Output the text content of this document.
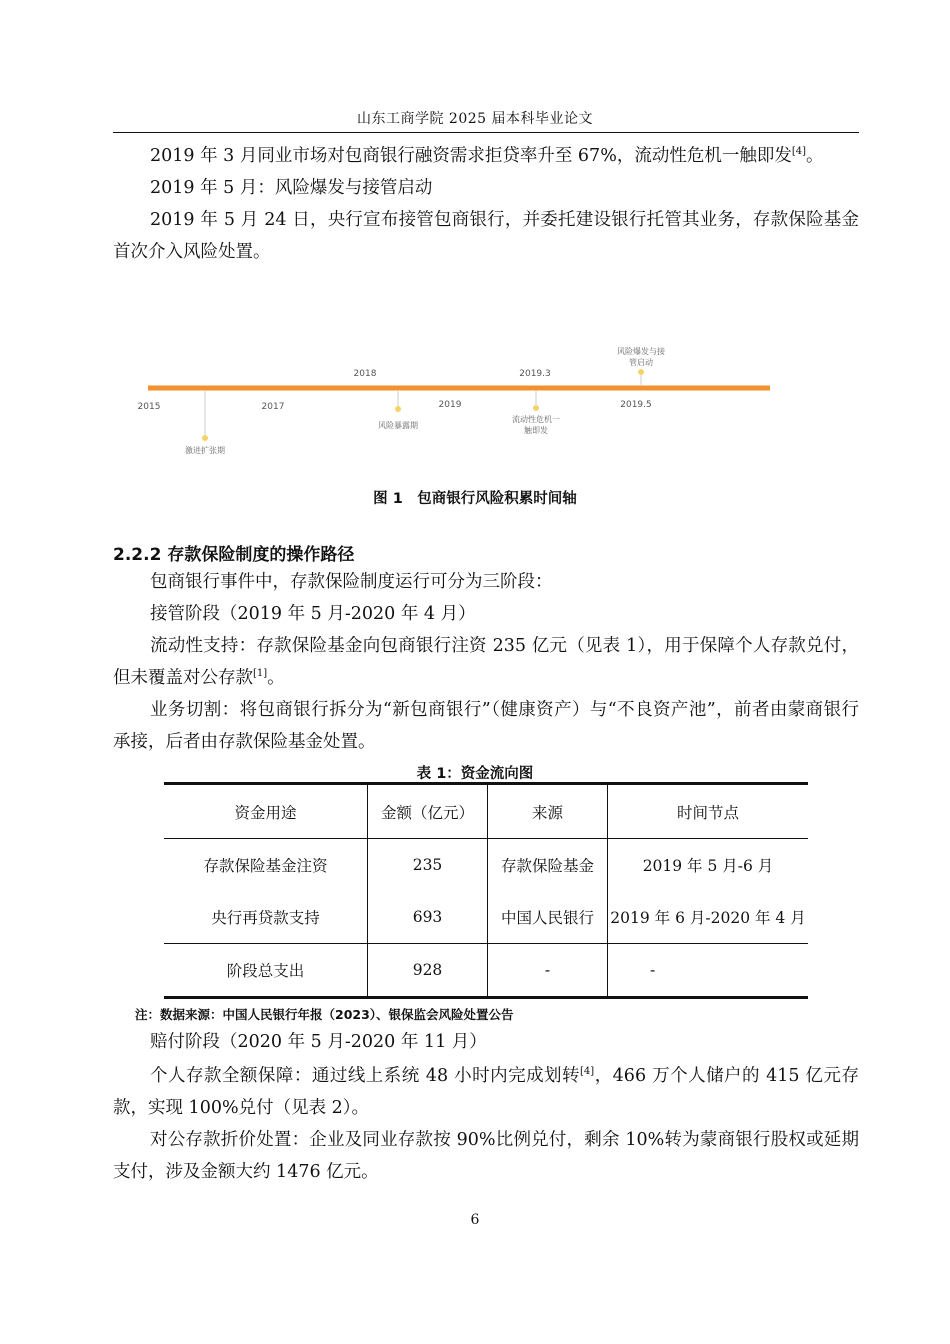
山东工商学院 2025 届本科毕业论文
2019 年 3 月同业市场对包商银行融资需求拒贷率升至 67%，流动性危机一触即发[4]。
2019 年 5 月：风险爆发与接管启动
2019 年 5 月 24 日，央行宣布接管包商银行，并委托建设银行托管其业务，存款保险基金首次介入风险处置。
2015	2017	2019	2019.5
2018	2019.3
激进扩张期
风险暴露期
流动性危机一
触即发
风险爆发与接
管启动
图 1　包商银行风险积累时间轴
2.2.2 存款保险制度的操作路径
包商银行事件中，存款保险制度运行可分为三阶段：
接管阶段（2019 年 5 月-2020 年 4 月）
流动性支持：存款保险基金向包商银行注资 235 亿元（见表 1），用于保障个人存款兑付，但未覆盖对公存款[1]。
业务切割：将包商银行拆分为“新包商银行”（健康资产）与“不良资产池”，前者由蒙商银行承接，后者由存款保险基金处置。
表 1：资金流向图
资金用途	金额（亿元）	来源	时间节点
存款保险基金注资	235	存款保险基金	2019 年 5 月-6 月
央行再贷款支持	693	中国人民银行	2019 年 6 月-2020 年 4 月
阶段总支出	928	-	-
注：数据来源：中国人民银行年报（2023）、银保监会风险处置公告
赔付阶段（2020 年 5 月-2020 年 11 月）
个人存款全额保障：通过线上系统 48 小时内完成划转[4]，466 万个人储户的 415 亿元存款，实现 100%兑付（见表 2）。
对公存款折价处置：企业及同业存款按 90%比例兑付，剩余 10%转为蒙商银行股权或延期支付，涉及金额大约 1476 亿元。
6
